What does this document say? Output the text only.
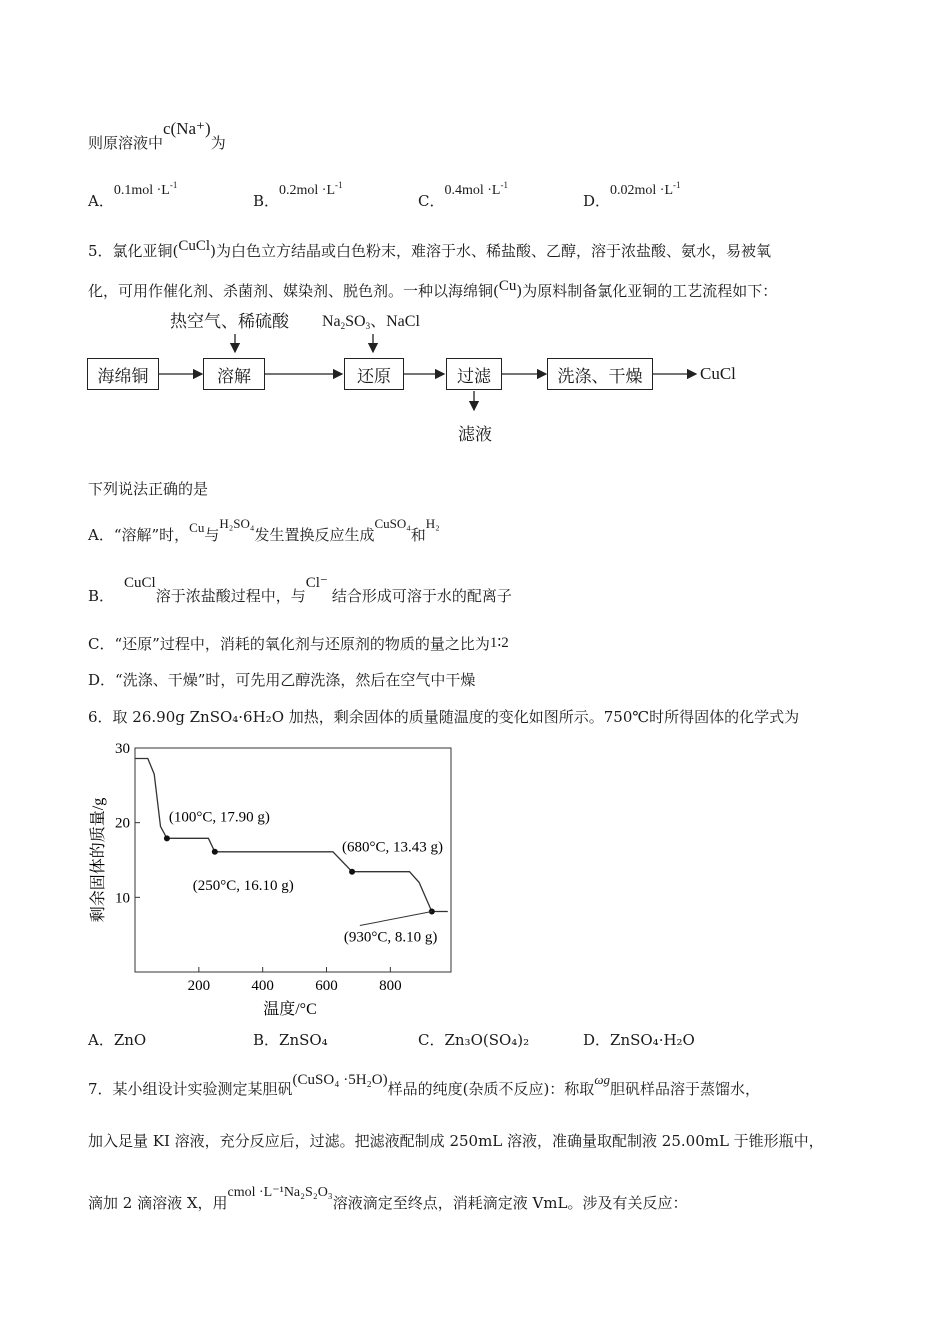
则原溶液中c(Na⁺)为
A．$0.1mol \cdot L^{-1}$
B．$0.2mol \cdot L^{-1}$
C．$0.4mol \cdot L^{-1}$
D．$0.02mol \cdot L^{-1}$
5．氯化亚铜(CuCl)为白色立方结晶或白色粉末，难溶于水、稀盐酸、乙醇，溶于浓盐酸、氨水，易被氧
化，可用作催化剂、杀菌剂、媒染剂、脱色剂。一种以海绵铜(Cu)为原料制备氯化亚铜的工艺流程如下：
热空气、稀硫酸 $Na_2SO_3$、NaCl
海绵铜	溶解	还原	过滤	洗涤、干燥	CuCl
滤液
下列说法正确的是
A．“溶解”时，Cu与H₂SO₄发生置换反应生成CuSO₄和H₂
B．CuCl溶于浓盐酸过程中，与Cl⁻结合形成可溶于水的配离子
C．“还原”过程中，消耗的氧化剂与还原剂的物质的量之比为1∶2
D．“洗涤、干燥”时，可先用乙醇洗涤，然后在空气中干燥
6．取 26.90g ZnSO₄·6H₂O 加热，剩余固体的质量随温度的变化如图所示。750℃时所得固体的化学式为
200	400	600	800
10
20
30
(100°C, 17.90 g)
(250°C, 16.10 g)
(680°C, 13.43 g)
(930°C, 8.10 g)
温度/°C
剩余固体的质量/g
A．ZnO	B．ZnSO₄	C．Zn₃O(SO₄)₂	D．ZnSO₄·H₂O
7．某小组设计实验测定某胆矾(CuSO₄ ·5H₂O)样品的纯度(杂质不反应)：称取ωg胆矾样品溶于蒸馏水，
加入足量 KI 溶液，充分反应后，过滤。把滤液配制成 250mL 溶液，准确量取配制液 25.00mL 于锥形瓶中，
滴加 2 滴溶液 X，用cmol ·L⁻¹Na₂S₂O₃溶液滴定至终点，消耗滴定液 VmL。涉及有关反应：
